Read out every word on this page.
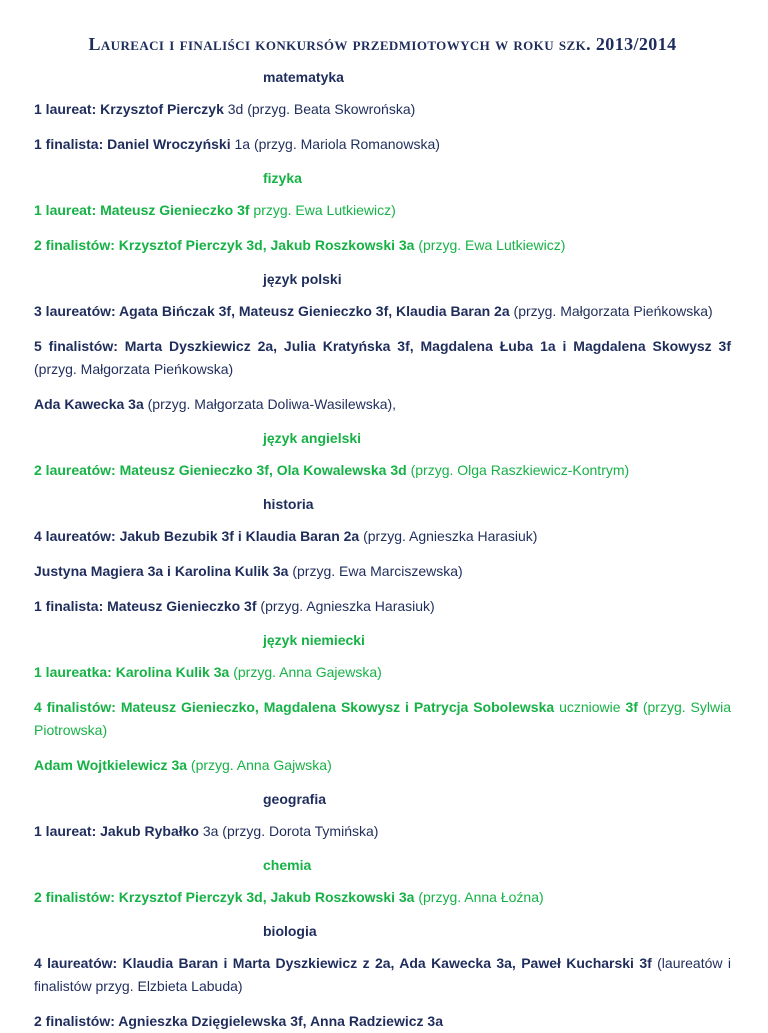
Laureaci i finaliści konkursów przedmiotowych w roku szk. 2013/2014
matematyka
1 laureat: Krzysztof Pierczyk 3d (przyg. Beata Skowrońska)
1 finalista: Daniel Wroczyński 1a (przyg. Mariola Romanowska)
fizyka
1 laureat: Mateusz Gienieczko 3f przyg. Ewa Lutkiewicz)
2 finalistów: Krzysztof Pierczyk 3d, Jakub Roszkowski 3a (przyg. Ewa Lutkiewicz)
język polski
3 laureatów: Agata Bińczak 3f, Mateusz Gienieczko 3f, Klaudia Baran 2a (przyg. Małgorzata Pieńkowska)
5 finalistów: Marta Dyszkiewicz 2a, Julia Kratyńska 3f, Magdalena Łuba 1a i Magdalena Skowysz 3f (przyg. Małgorzata Pieńkowska)
Ada Kawecka 3a (przyg. Małgorzata Doliwa-Wasilewska),
język angielski
2 laureatów: Mateusz Gienieczko 3f, Ola Kowalewska 3d (przyg. Olga Raszkiewicz-Kontrym)
historia
4 laureatów: Jakub Bezubik 3f i Klaudia Baran 2a (przyg. Agnieszka Harasiuk)
Justyna Magiera 3a i Karolina Kulik 3a (przyg. Ewa Marciszewska)
1 finalista: Mateusz Gienieczko 3f (przyg. Agnieszka Harasiuk)
język niemiecki
1 laureatka: Karolina Kulik 3a (przyg. Anna Gajewska)
4 finalistów: Mateusz Gienieczko, Magdalena Skowysz i Patrycja Sobolewska uczniowie 3f (przyg. Sylwia Piotrowska)
Adam Wojtkielewicz 3a (przyg. Anna Gajwska)
geografia
1 laureat: Jakub Rybałko 3a (przyg. Dorota Tymińska)
chemia
2 finalistów: Krzysztof Pierczyk 3d, Jakub Roszkowski 3a (przyg. Anna Łoźna)
biologia
4 laureatów: Klaudia Baran i Marta Dyszkiewicz z 2a, Ada Kawecka 3a, Paweł Kucharski 3f (laureatów i finalistów przyg. Elzbieta Labuda)
2 finalistów: Agnieszka Dzięgielewska 3f, Anna Radziewicz 3a
